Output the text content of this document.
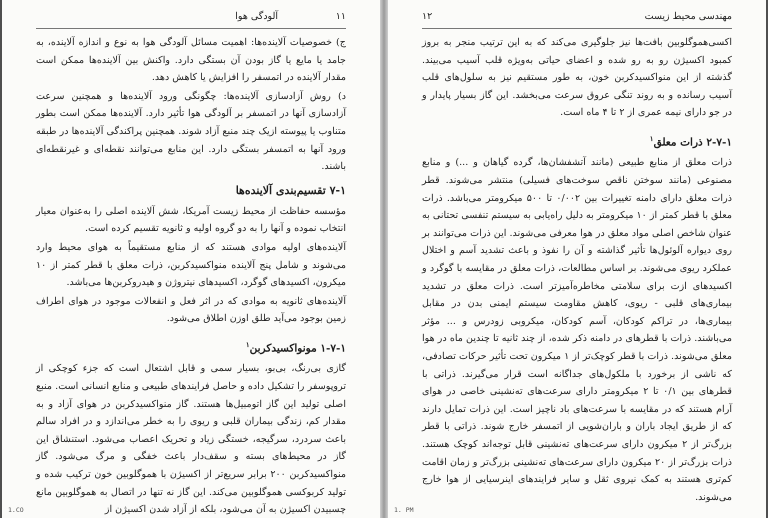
آلودگی هوا	۱۱

ج) خصوصیات آلاینده‌ها: اهمیت مسائل آلودگی هوا به نوع و اندازه آلاینده، به جامد یا مایع یا گاز بودن آن بستگی دارد. واکنش بین آلاینده‌ها ممکن است مقدار آلاینده در اتمسفر را افزایش یا کاهش دهد.

د) روش آزادسازی آلاینده‌ها: چگونگی ورود آلاینده‌ها و همچنین سرعت آزادسازی آنها در اتمسفر بر آلودگی هوا تأثیر دارد. آلاینده‌ها ممکن است بطور متناوب یا پیوسته ازیک چند منبع آزاد شوند. همچنین پراکندگی آلاینده‌ها در طبقه ورود آنها به اتمسفر بستگی دارد. این منابع می‌توانند نقطه‌ای و غیرنقطه‌ای باشند.

۷-۱ تقسیم‌بندی آلاینده‌ها

مؤسسه حفاظت از محیط زیست آمریکا، شش آلاینده اصلی را به‌عنوان معیار انتخاب نموده و آنها را به دو گروه اولیه و ثانویه تقسیم کرده است.

آلاینده‌های اولیه موادی هستند که از منابع مستقیماً به هوای محیط وارد می‌شوند و شامل پنج آلاینده منواکسیدکربن، ذرات معلق با قطر کمتر از ۱۰ میکرون، اکسیدهای گوگرد، اکسیدهای نیتروژن و هیدروکربن‌ها می‌باشد.

آلاینده‌های ثانویه به موادی که در اثر فعل و انفعالات موجود در هوای اطراف زمین بوجود می‌آید طلق اوزن اطلاق می‌شود.

۱-۷-۱ مونواکسیدکربن$^۱$

گازی بی‌رنگ، بی‌بو، بسیار سمی و قابل اشتعال است که جزء کوچکی از تروپوسفر را تشکیل داده و حاصل فرایندهای طبیعی و منابع انسانی است. منبع اصلی تولید این گاز اتومبیل‌ها هستند. گاز منواکسیدکربن در هوای آزاد و به مقدار کم، زندگی بیماران قلبی و ریوی را به خطر می‌اندازد و در افراد سالم باعث سردرد، سرگیجه، خستگی زیاد و تحریک اعصاب می‌شود. استنشاق این گاز در محیط‌های بسته و سقف‌دار باعث خفگی و مرگ می‌شود. گاز منواکسیدکربن ۲۰۰ برابر سریع‌تر از اکسیژن با هموگلوبین خون ترکیب شده و تولید کربوکسی هموگلوبین می‌کند. این گاز نه تنها در اتصال به هموگلوبین مانع چسبیدن اکسیژن به آن می‌شود، بلکه از آزاد شدن اکسیژن از

1.CO
مهندسی محیط زیست
۱۲

اکسی‌هموگلوبین بافت‌ها نیز جلوگیری می‌کند که به این ترتیب منجر به بروز کمبود اکسیژن رو به رو شده و اعضای حیاتی به‌ویژه قلب آسیب می‌بیند. گذشته از این منواکسیدکربن خون، به طور مستقیم نیز به سلول‌های قلب آسیب رسانده و به روند تنگی عروق سرعت می‌بخشد. این گاز بسیار پایدار و در جو دارای نیمه عمری از ۲ تا ۴ ماه است.

۲-۷-۱ ذرات معلق$^۱$

ذرات معلق از منابع طبیعی (مانند آتشفشان‌ها، گرده گیاهان و ...) و منابع مصنوعی (مانند سوختن ناقص سوخت‌های فسیلی) منتشر می‌شوند. قطر ذرات معلق دارای دامنه تغییرات بین ۰/۰۰۲ تا ۵۰۰ میکرومتر می‌باشد. ذرات معلق با قطر کمتر از ۱۰ میکرومتر به دلیل راه‌یابی به سیستم تنفسی تحتانی به عنوان شاخص اصلی مواد معلق در هوا معرفی می‌شوند. این ذرات می‌توانند بر روی دیواره آلوئول‌ها تأثیر گذاشته و آن را نفوذ و باعث تشدید آسم و اختلال عملکرد ریوی می‌شوند. بر اساس مطالعات، ذرات معلق در مقایسه با گوگرد و اکسیدهای ازت برای سلامتی مخاطره‌آمیزتر است. ذرات معلق در تشدید بیماری‌های قلبی - ریوی، کاهش مقاومت سیستم ایمنی بدن در مقابل بیماری‌ها، در تراکم کودکان، آسم کودکان، میکروبی زودرس و ... مؤثر می‌باشند. ذرات با قطرهای در دامنه ذکر شده، از چند ثانیه تا چندین ماه در هوا معلق می‌شوند. ذرات با قطر کوچک‌تر از ۱ میکرون تحت تأثیر حرکات تصادفی، که ناشی از برخورد با ملکول‌های جداگانه است قرار می‌گیرند. ذراتی با قطرهای بین ۰/۱ تا ۲ میکرومتر دارای سرعت‌های ته‌نشینی خاصی در هوای آرام هستند که در مقایسه با سرعت‌های باد ناچیز است. این ذرات تمایل دارند که از طریق ایجاد باران و باران‌شویی از اتمسفر خارج شوند. ذراتی با قطر بزرگ‌تر از ۲ میکرون دارای سرعت‌های ته‌نشینی قابل توجه‌اند کوچک هستند. ذرات بزرگ‌تر از ۲۰ میکرون دارای سرعت‌های ته‌نشینی بزرگ‌تر و زمان اقامت کم‌تری هستند به کمک نیروی ثقل و سایر فرایندهای اینرسیایی از هوا خارج می‌شوند.

1. PM
